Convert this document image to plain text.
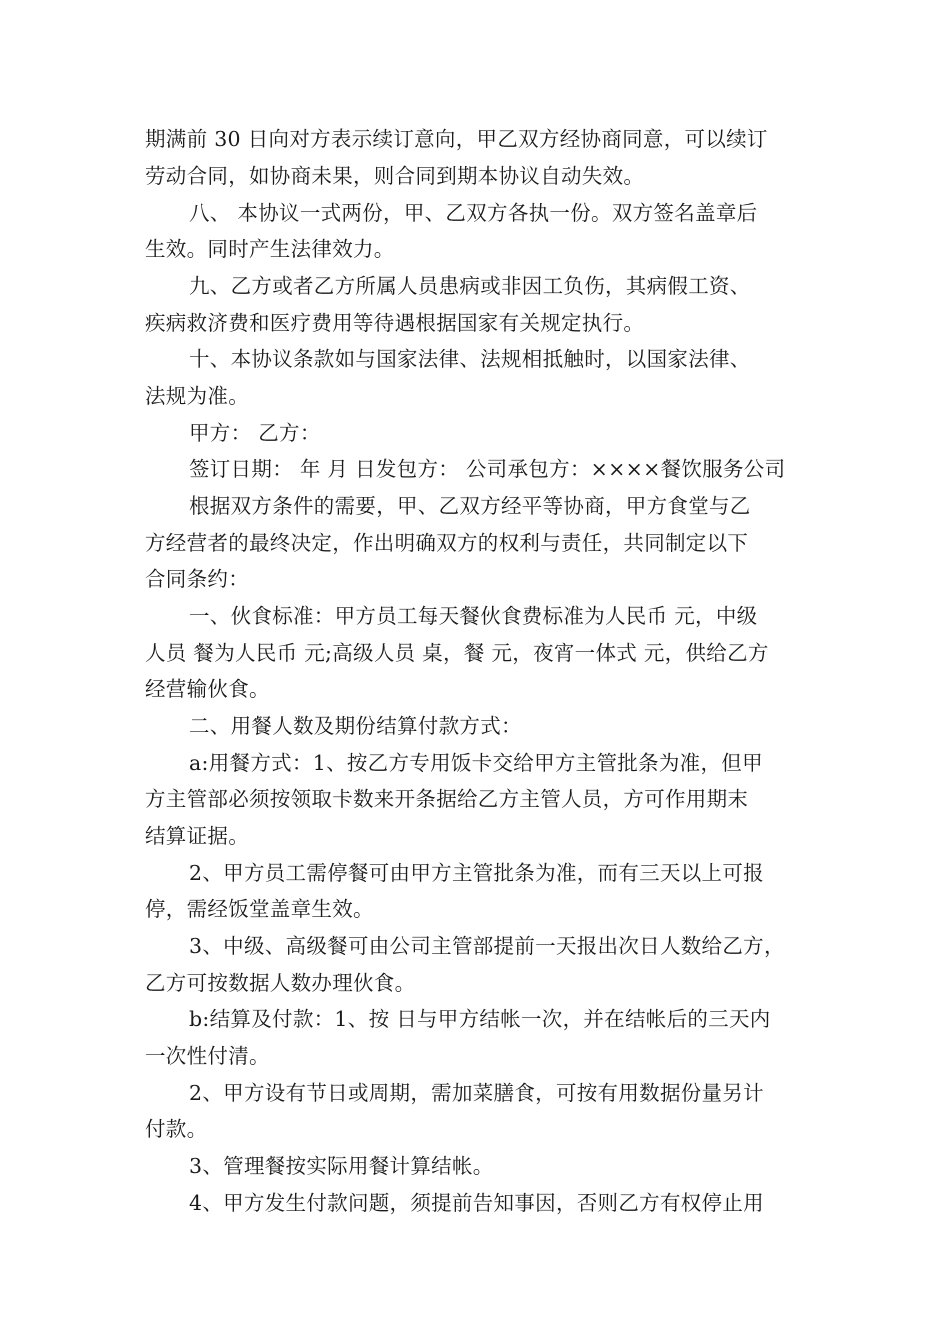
期满前 30 日向对方表示续订意向，甲乙双方经协商同意，可以续订
劳动合同，如协商未果，则合同到期本协议自动失效。
八、 本协议一式两份，甲、乙双方各执一份。双方签名盖章后
生效。同时产生法律效力。
九、乙方或者乙方所属人员患病或非因工负伤，其病假工资、
疾病救济费和医疗费用等待遇根据国家有关规定执行。
十、本协议条款如与国家法律、法规相抵触时，以国家法律、
法规为准。
甲方： 乙方：
签订日期： 年 月 日发包方： 公司承包方：××××餐饮服务公司
根据双方条件的需要，甲、乙双方经平等协商，甲方食堂与乙
方经营者的最终决定，作出明确双方的权利与责任，共同制定以下
合同条约：
一、伙食标准：甲方员工每天餐伙食费标准为人民币 元，中级
人员 餐为人民币 元;高级人员 桌，餐 元，夜宵一体式 元，供给乙方
经营输伙食。
二、用餐人数及期份结算付款方式：
a:用餐方式：1、按乙方专用饭卡交给甲方主管批条为准，但甲
方主管部必须按领取卡数来开条据给乙方主管人员，方可作用期末
结算证据。
2、甲方员工需停餐可由甲方主管批条为准，而有三天以上可报
停，需经饭堂盖章生效。
3、中级、高级餐可由公司主管部提前一天报出次日人数给乙方，
乙方可按数据人数办理伙食。
b:结算及付款：1、按 日与甲方结帐一次，并在结帐后的三天内
一次性付清。
2、甲方设有节日或周期，需加菜膳食，可按有用数据份量另计
付款。
3、管理餐按实际用餐计算结帐。
4、甲方发生付款问题，须提前告知事因，否则乙方有权停止用
